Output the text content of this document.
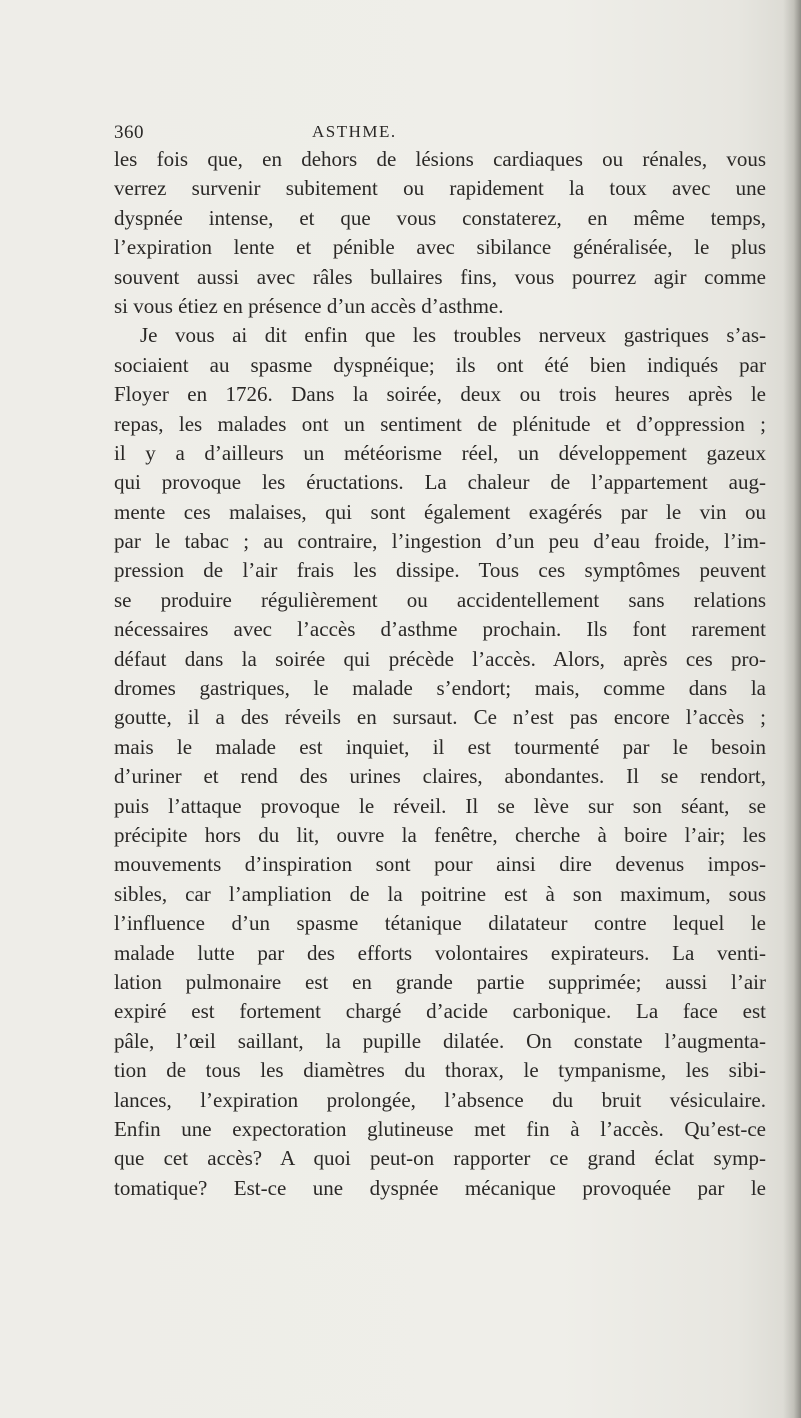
360	ASTHME.
les fois que, en dehors de lésions cardiaques ou rénales, vous
verrez survenir subitement ou rapidement la toux avec une
dyspnée intense, et que vous constaterez, en même temps,
l’expiration lente et pénible avec sibilance généralisée, le plus
souvent aussi avec râles bullaires fins, vous pourrez agir comme
si vous étiez en présence d’un accès d’asthme.
Je vous ai dit enfin que les troubles nerveux gastriques s’as-
sociaient au spasme dyspnéique; ils ont été bien indiqués par
Floyer en 1726. Dans la soirée, deux ou trois heures après le
repas, les malades ont un sentiment de plénitude et d’oppression ;
il y a d’ailleurs un météorisme réel, un développement gazeux
qui provoque les éructations. La chaleur de l’appartement aug-
mente ces malaises, qui sont également exagérés par le vin ou
par le tabac ; au contraire, l’ingestion d’un peu d’eau froide, l’im-
pression de l’air frais les dissipe. Tous ces symptômes peuvent
se produire régulièrement ou accidentellement sans relations
nécessaires avec l’accès d’asthme prochain. Ils font rarement
défaut dans la soirée qui précède l’accès. Alors, après ces pro-
dromes gastriques, le malade s’endort; mais, comme dans la
goutte, il a des réveils en sursaut. Ce n’est pas encore l’accès ;
mais le malade est inquiet, il est tourmenté par le besoin
d’uriner et rend des urines claires, abondantes. Il se rendort,
puis l’attaque provoque le réveil. Il se lève sur son séant, se
précipite hors du lit, ouvre la fenêtre, cherche à boire l’air; les
mouvements d’inspiration sont pour ainsi dire devenus impos-
sibles, car l’ampliation de la poitrine est à son maximum, sous
l’influence d’un spasme tétanique dilatateur contre lequel le
malade lutte par des efforts volontaires expirateurs. La venti-
lation pulmonaire est en grande partie supprimée; aussi l’air
expiré est fortement chargé d’acide carbonique. La face est
pâle, l’œil saillant, la pupille dilatée. On constate l’augmenta-
tion de tous les diamètres du thorax, le tympanisme, les sibi-
lances, l’expiration prolongée, l’absence du bruit vésiculaire.
Enfin une expectoration glutineuse met fin à l’accès. Qu’est-ce
que cet accès? A quoi peut-on rapporter ce grand éclat symp-
tomatique? Est-ce une dyspnée mécanique provoquée par le
